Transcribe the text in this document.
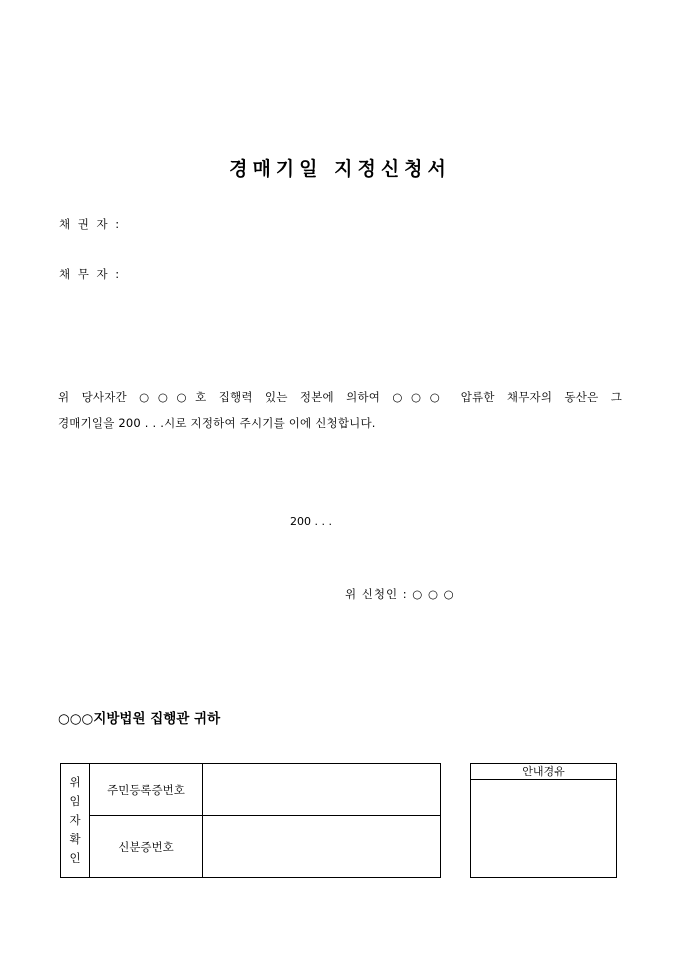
경매기일 지정신청서
채 권 자 :
채 무 자 :
위 당사자간 ○○○호 집행력 있는 정본에 의하여 ○○○ 압류한 채무자의 동산은 그
경매기일을 200 . . .시로 지정하여 주시기를 이에 신청합니다.
200 . . .
위 신청인 : ○ ○ ○
○○○지방법원 집행관 귀하
위
임
자
확
인	주민등록증번호	
	신분증번호	
안내경유
